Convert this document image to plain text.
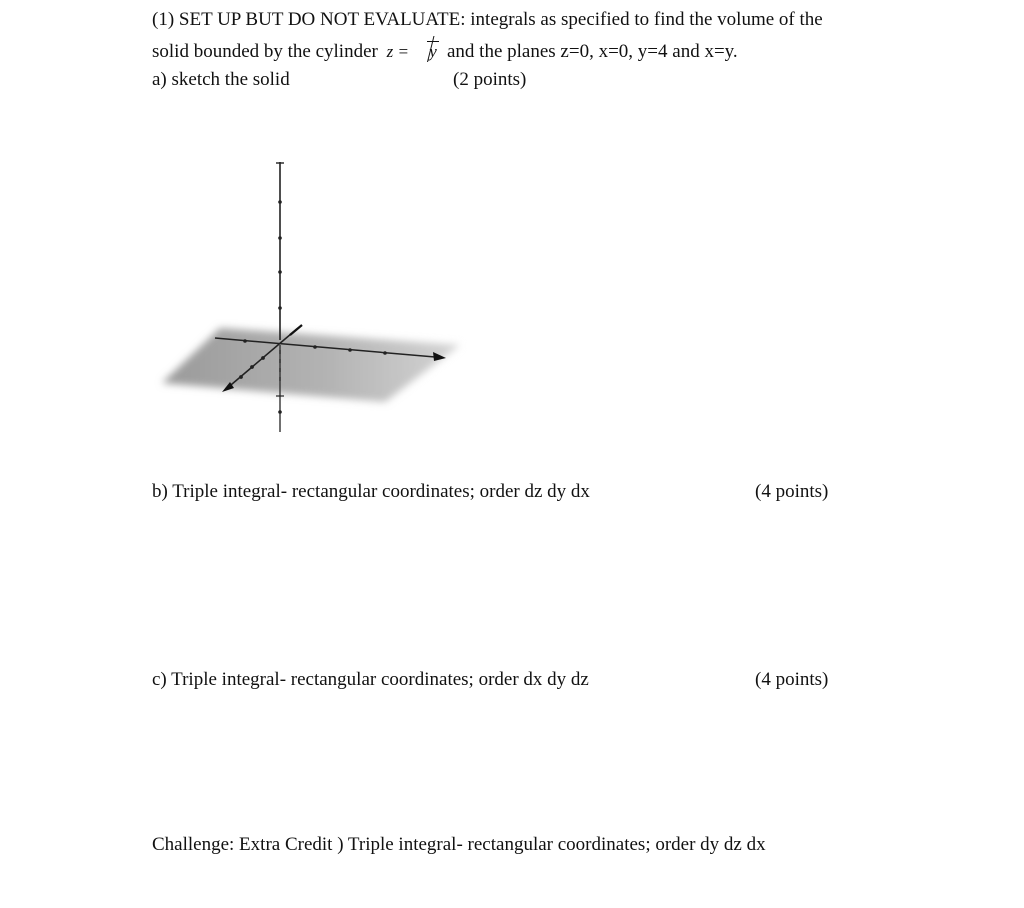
(1) SET UP BUT DO NOT EVALUATE: integrals as specified to find the volume of the
solid bounded by the cylinder z = y and the planes z=0, x=0, y=4 and x=y.
a) sketch the solid	(2 points)
b) Triple integral- rectangular coordinates; order dz dy dx	(4 points)
c) Triple integral- rectangular coordinates; order dx dy dz	(4 points)
Challenge: Extra Credit ) Triple integral- rectangular coordinates; order dy dz dx
